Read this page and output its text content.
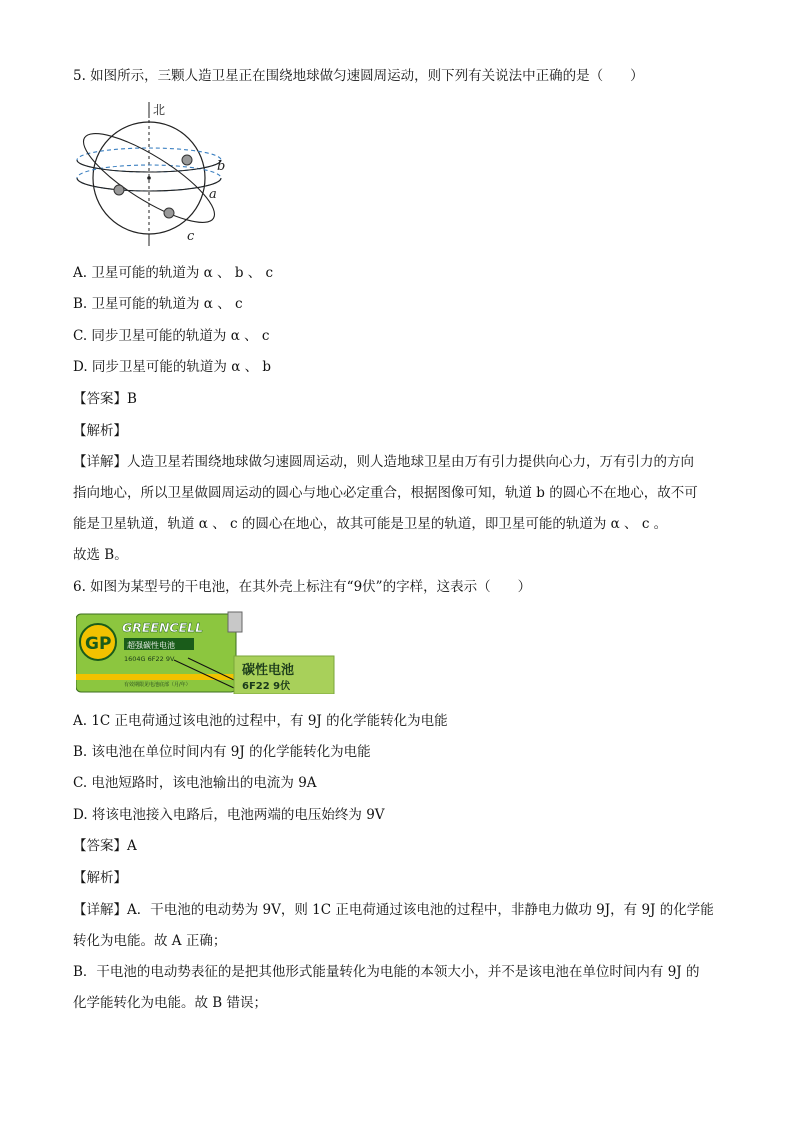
5. 如图所示，三颗人造卫星正在围绕地球做匀速圆周运动，则下列有关说法中正确的是（　　）
北
b
a
c
A. 卫星可能的轨道为 α 、 b 、 c
B. 卫星可能的轨道为 α 、 c
C. 同步卫星可能的轨道为 α 、 c
D. 同步卫星可能的轨道为 α 、 b
【答案】B
【解析】
【详解】人造卫星若围绕地球做匀速圆周运动，则人造地球卫星由万有引力提供向心力，万有引力的方向
指向地心，所以卫星做圆周运动的圆心与地心必定重合，根据图像可知，轨道 b 的圆心不在地心，故不可
能是卫星轨道，轨道 α 、 c 的圆心在地心，故其可能是卫星的轨道，即卫星可能的轨道为 α 、 c 。
故选 B。
6. 如图为某型号的干电池，在其外壳上标注有“9伏”的字样，这表示（　　）
GP
GREENCELL
超强碳性电池
1604G 6F22 9V
有效期限见电池底部（月/年）
碳性电池
6F22 9伏
A. 1C 正电荷通过该电池的过程中，有 9J 的化学能转化为电能
B. 该电池在单位时间内有 9J 的化学能转化为电能
C. 电池短路时，该电池输出的电流为 9A
D. 将该电池接入电路后，电池两端的电压始终为 9V
【答案】A
【解析】
【详解】A．干电池的电动势为 9V，则 1C 正电荷通过该电池的过程中，非静电力做功 9J，有 9J 的化学能
转化为电能。故 A 正确；
B．干电池的电动势表征的是把其他形式能量转化为电能的本领大小，并不是该电池在单位时间内有 9J 的
化学能转化为电能。故 B 错误；
